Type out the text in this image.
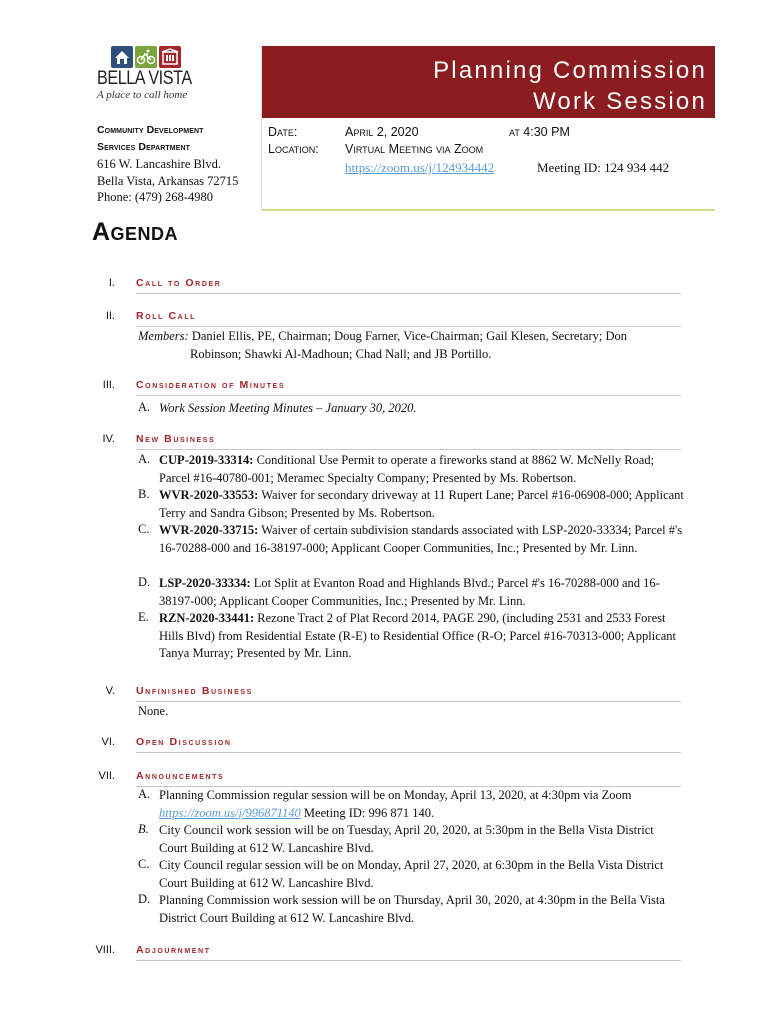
BELLA VISTA
A place to call home
Community Development
Services Department
616 W. Lancashire Blvd.
Bella Vista, Arkansas 72715
Phone: (479) 268-4980
Planning Commission
Work Session
Date:	April 2, 2020	at 4:30 PM
Location: Virtual Meeting via Zoom
https://zoom.us/j/124934442	Meeting ID: 124 934 442
Agenda
I. Call to Order
II. Roll Call
Members: Daniel Ellis, PE, Chairman; Doug Farner, Vice-Chairman; Gail Klesen, Secretary; Don
Robinson; Shawki Al-Madhoun; Chad Nall; and JB Portillo.
III. Consideration of Minutes
A. Work Session Meeting Minutes – January 30, 2020.
IV. New Business
A. CUP-2019-33314: Conditional Use Permit to operate a fireworks stand at 8862 W. McNelly Road; Parcel #16-40780-001; Meramec Specialty Company; Presented by Ms. Robertson.
B. WVR-2020-33553: Waiver for secondary driveway at 11 Rupert Lane; Parcel #16-06908-000; Applicant Terry and Sandra Gibson; Presented by Ms. Robertson.
C. WVR-2020-33715: Waiver of certain subdivision standards associated with LSP-2020-33334; Parcel #'s 16-70288-000 and 16-38197-000; Applicant Cooper Communities, Inc.; Presented by Mr. Linn.
D. LSP-2020-33334: Lot Split at Evanton Road and Highlands Blvd.; Parcel #'s 16-70288-000 and 16-38197-000; Applicant Cooper Communities, Inc.; Presented by Mr. Linn.
E. RZN-2020-33441: Rezone Tract 2 of Plat Record 2014, PAGE 290, (including 2531 and 2533 Forest Hills Blvd) from Residential Estate (R-E) to Residential Office (R-O; Parcel #16-70313-000; Applicant Tanya Murray; Presented by Mr. Linn.
V. Unfinished Business
None.
VI. Open Discussion
VII. Announcements
A. Planning Commission regular session will be on Monday, April 13, 2020, at 4:30pm via Zoom https://zoom.us/j/996871140 Meeting ID: 996 871 140.
B. City Council work session will be on Tuesday, April 20, 2020, at 5:30pm in the Bella Vista District Court Building at 612 W. Lancashire Blvd.
C. City Council regular session will be on Monday, April 27, 2020, at 6:30pm in the Bella Vista District Court Building at 612 W. Lancashire Blvd.
D. Planning Commission work session will be on Thursday, April 30, 2020, at 4:30pm in the Bella Vista District Court Building at 612 W. Lancashire Blvd.
VIII. Adjournment
